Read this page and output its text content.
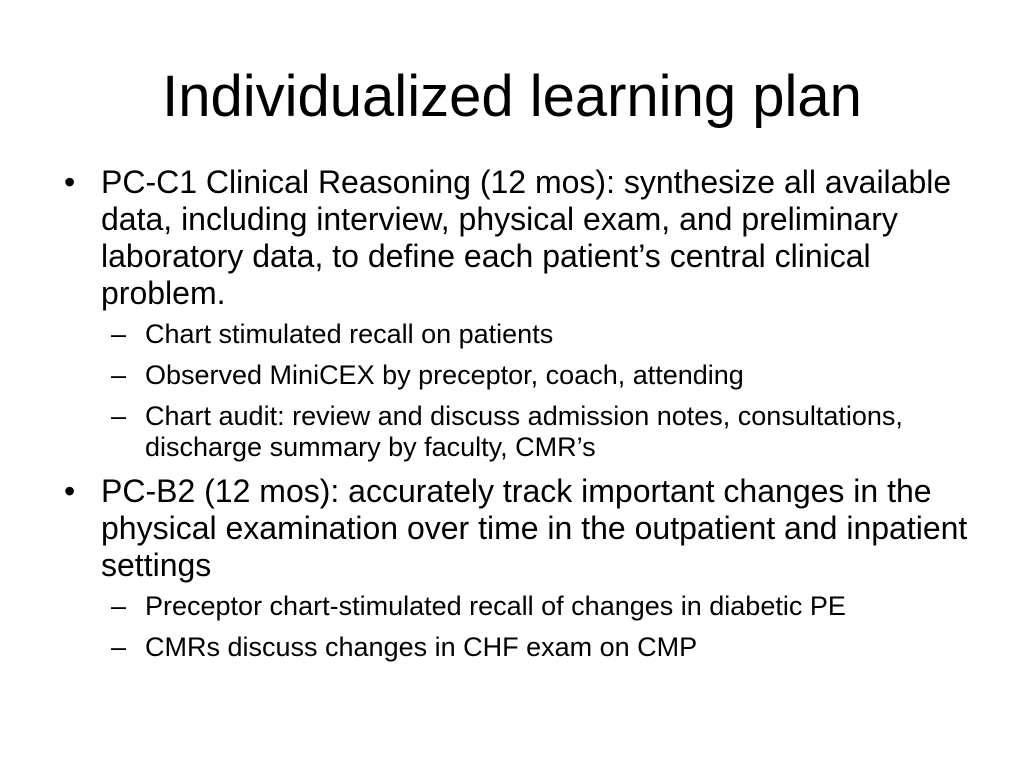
Individualized learning plan
• PC-C1 Clinical Reasoning (12 mos): synthesize all available data, including interview, physical exam, and preliminary laboratory data, to define each patient’s central clinical problem.
– Chart stimulated recall on patients
– Observed MiniCEX by preceptor, coach, attending
– Chart audit: review and discuss admission notes, consultations, discharge summary by faculty, CMR’s
• PC-B2 (12 mos): accurately track important changes in the physical examination over time in the outpatient and inpatient settings
– Preceptor chart-stimulated recall of changes in diabetic PE
– CMRs discuss changes in CHF exam on CMP
